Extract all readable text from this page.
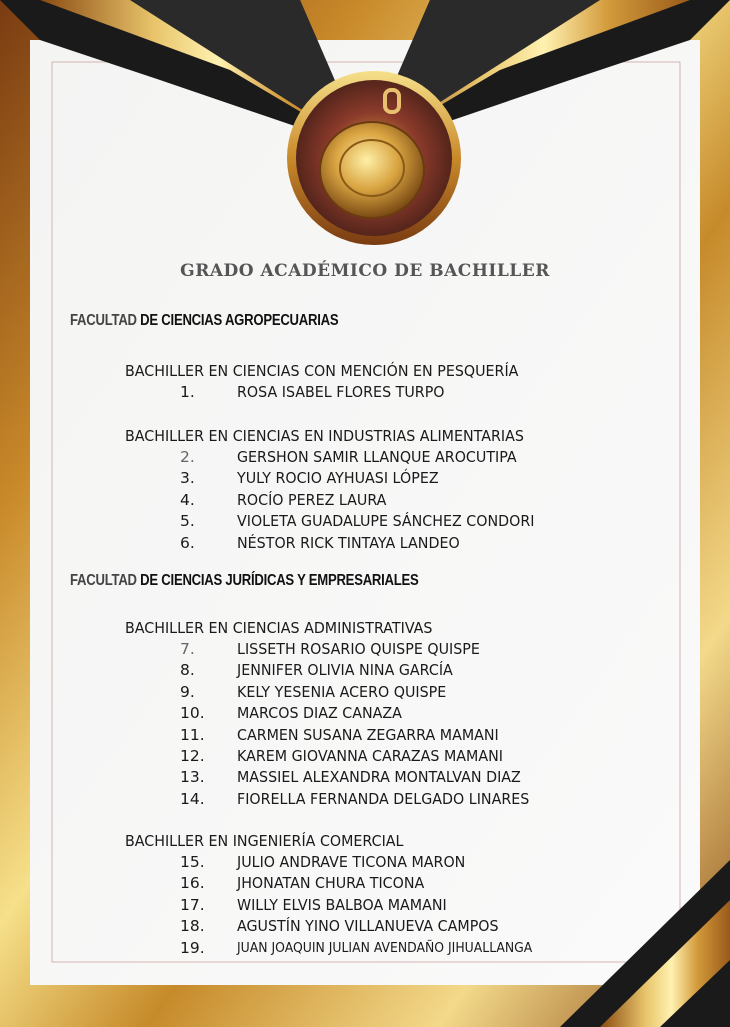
GRADO ACADÉMICO DE BACHILLER
FACULTAD DE CIENCIAS AGROPECUARIAS
BACHILLER EN CIENCIAS CON MENCIÓN EN PESQUERÍA
1.	ROSA ISABEL FLORES TURPO
BACHILLER EN CIENCIAS EN INDUSTRIAS ALIMENTARIAS
2.	GERSHON SAMIR LLANQUE AROCUTIPA
3.	YULY ROCIO AYHUASI LÓPEZ
4.	ROCÍO PEREZ LAURA
5.	VIOLETA GUADALUPE SÁNCHEZ CONDORI
6.	NÉSTOR RICK TINTAYA LANDEO
FACULTAD DE CIENCIAS JURÍDICAS Y EMPRESARIALES
BACHILLER EN CIENCIAS ADMINISTRATIVAS
7.	LISSETH ROSARIO QUISPE QUISPE
8.	JENNIFER OLIVIA NINA GARCÍA
9.	KELY YESENIA ACERO QUISPE
10.	MARCOS DIAZ CANAZA
11.	CARMEN SUSANA ZEGARRA MAMANI
12.	KAREM GIOVANNA CARAZAS MAMANI
13.	MASSIEL ALEXANDRA MONTALVAN DIAZ
14.	FIORELLA FERNANDA DELGADO LINARES
BACHILLER EN INGENIERÍA COMERCIAL
15.	JULIO ANDRAVE TICONA MARON
16.	JHONATAN CHURA TICONA
17.	WILLY ELVIS BALBOA MAMANI
18.	AGUSTÍN YINO VILLANUEVA CAMPOS
19.	JUAN JOAQUIN JULIAN AVENDAÑO JIHUALLANGA
